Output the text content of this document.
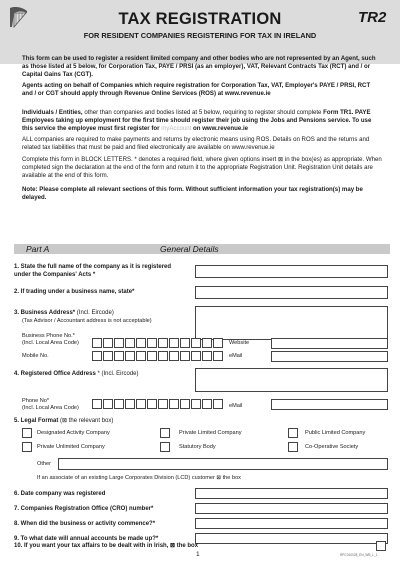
TAX REGISTRATION	TR2
FOR RESIDENT COMPANIES REGISTERING FOR TAX IN IRELAND
This form can be used to register a resident limited company and other bodies who are not represented by an Agent, such as those listed at 5 below, for Corporation Tax, PAYE / PRSI (as an employer), VAT, Relevant Contracts Tax (RCT) and / or Capital Gains Tax (CGT).
Agents acting on behalf of Companies which require registration for Corporation Tax, VAT, Employer's PAYE / PRSI, RCT and / or CGT should apply through Revenue Online Services (ROS) at www.revenue.ie
Individuals / Entities, other than companies and bodies listed at 5 below, requiring to register should complete Form TR1. PAYE Employees taking up employment for the first time should register their job using the Jobs and Pensions service. To use this service the employee must first register for myAccount on www.revenue.ie
ALL companies are required to make payments and returns by electronic means using ROS. Details on ROS and the returns and related tax liabilities that must be paid and filed electronically are available on www.revenue.ie
Complete this form in BLOCK LETTERS. * denotes a required field, where given options insert ⊠ in the box(es) as appropriate. When completed sign the declaration at the end of the form and return it to the appropriate Registration Unit. Registration Unit details are available at the end of this form.
Note: Please complete all relevant sections of this form. Without sufficient information your tax registration(s) may be delayed.
Part A	General Details
1. State the full name of the company as it is registered under the Companies' Acts *
2. If trading under a business name, state*
3. Business Address* (Incl. Eircode)
(Tax Advisor / Accountant address is not acceptable)
Business Phone No.*
(Incl. Local Area Code)	Website
Mobile No.	eMail
4. Registered Office Address * (Incl. Eircode)
Phone No*
(Incl. Local Area Code)	eMail
5. Legal Format (⊠ the relevant box)
Designated Activity Company	Private Limited Company	Public Limited Company
Private Unlimited Company	Statutory Body	Co-Operative Society
Other
If an associate of an existing Large Corporates Division (LCD) customer ⊠ the box
6. Date company was registered
7. Companies Registration Office (CRO) number*
8. When did the business or activity commence?*
9. To what date will annual accounts be made up?*
10. If you want your tax affairs to be dealt with in Irish, ⊠ the box
1	RPC010028_EN_WB_L_1
